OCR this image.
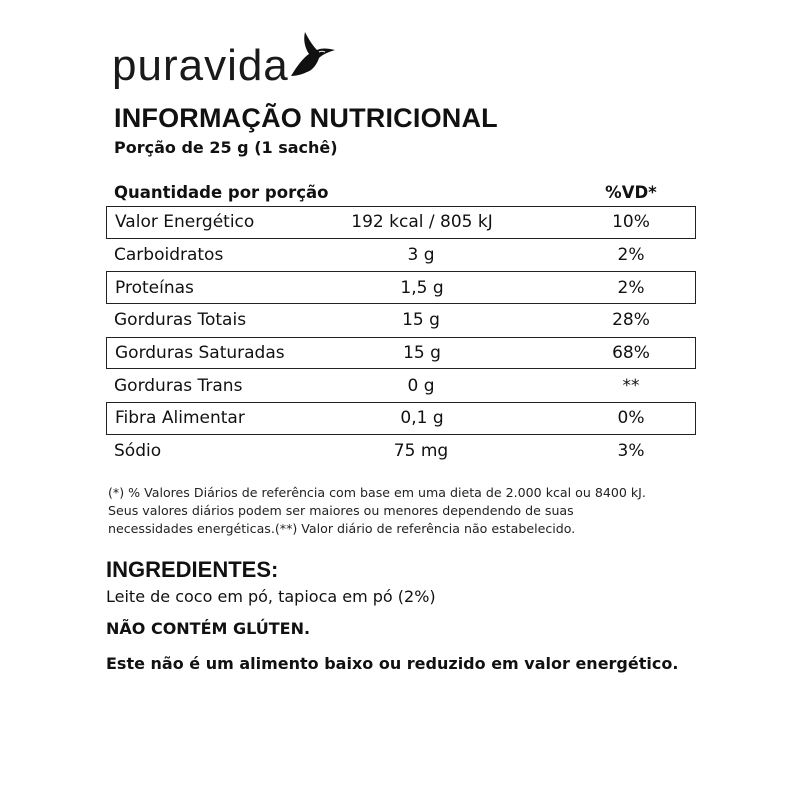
puravida
INFORMAÇÃO NUTRICIONAL
Porção de 25 g (1 sachê)
Quantidade por porção	%VD*
Valor Energético	192 kcal / 805 kJ	10%
Carboidratos	3 g	2%
Proteínas	1,5 g	2%
Gorduras Totais	15 g	28%
Gorduras Saturadas	15 g	68%
Gorduras Trans	0 g	**
Fibra Alimentar	0,1 g	0%
Sódio	75 mg	3%
(*) % Valores Diários de referência com base em uma dieta de 2.000 kcal ou 8400 kJ.
Seus valores diários podem ser maiores ou menores dependendo de suas
necessidades energéticas.(**) Valor diário de referência não estabelecido.
INGREDIENTES:
Leite de coco em pó, tapioca em pó (2%)
NÃO CONTÉM GLÚTEN.
Este não é um alimento baixo ou reduzido em valor energético.
